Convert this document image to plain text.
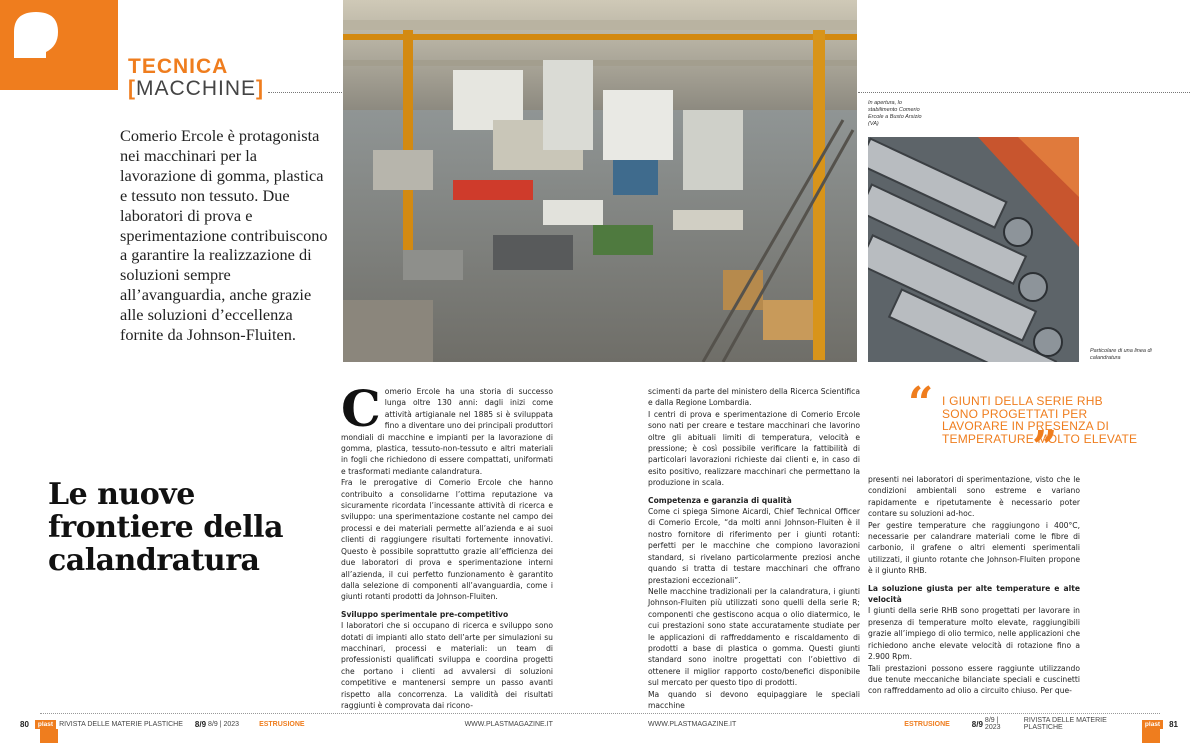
TECNICA
[MACCHINE]
Comerio Ercole è protagonista nei macchinari per la lavorazione di gomma, plastica e tessuto non tessuto. Due laboratori di prova e sperimentazione contribuiscono a garantire la realizzazione di soluzioni sempre all’avanguardia, anche grazie alle soluzioni d’eccellenza fornite da Johnson-Fluiten.
Le nuove frontiere della calandratura
In apertura, lo stabilimento Comerio Ercole a Busto Arsizio (VA)
Particolare di una linea di calandratura

Comerio Ercole ha una storia di successo lunga oltre 130 anni: dagli inizi come attività artigianale nel 1885 si è sviluppata fino a diventare uno dei principali produttori mondiali di macchine e impianti per la lavorazione di gomma, plastica, tessuto-non-tessuto e altri materiali in fogli che richiedono di essere compattati, uniformati e trasformati mediante calandratura.

Fra le prerogative di Comerio Ercole che hanno contribuito a consolidarne l’ottima reputazione va sicuramente ricordata l’incessante attività di ricerca e sviluppo: una sperimentazione costante nel campo dei processi e dei materiali permette all’azienda e ai suoi clienti di raggiungere risultati fortemente innovativi. Questo è possibile soprattutto grazie all’efficienza dei due laboratori di prova e sperimentazione interni all’azienda, il cui perfetto funzionamento è garantito dalla selezione di componenti all’avanguardia, come i giunti rotanti prodotti da Johnson-Fluiten.

Sviluppo sperimentale pre-competitivo

I laboratori che si occupano di ricerca e sviluppo sono dotati di impianti allo stato dell’arte per simulazioni su macchinari, processi e materiali: un team di professionisti qualificati sviluppa e coordina progetti che portano i clienti ad avvalersi di soluzioni competitive e mantenersi sempre un passo avanti rispetto alla concorrenza. La validità dei risultati raggiunti è comprovata dai ricono-

scimenti da parte del ministero della Ricerca Scientifica e dalla Regione Lombardia.

I centri di prova e sperimentazione di Comerio Ercole sono nati per creare e testare macchinari che lavorino oltre gli abituali limiti di temperatura, velocità e pressione; è così possibile verificare la fattibilità di particolari lavorazioni richieste dai clienti e, in caso di esito positivo, realizzare macchinari che permettano la produzione in scala.

Competenza e garanzia di qualità

Come ci spiega Simone Aicardi, Chief Technical Officer di Comerio Ercole, “da molti anni Johnson-Fluiten è il nostro fornitore di riferimento per i giunti rotanti: perfetti per le macchine che compiono lavorazioni standard, si rivelano particolarmente preziosi anche quando si tratta di testare macchinari che offrano prestazioni eccezionali”.

Nelle macchine tradizionali per la calandratura, i giunti Johnson-Fluiten più utilizzati sono quelli della serie R; componenti che gestiscono acqua o olio diatermico, le cui prestazioni sono state accuratamente studiate per le applicazioni di raffreddamento e riscaldamento di prodotti a base di plastica o gomma. Questi giunti standard sono inoltre progettati con l’obiettivo di ottenere il miglior rapporto costo/benefici disponibile sul mercato per questo tipo di prodotti.

Ma quando si devono equipaggiare le speciali macchine

“ I GIUNTI DELLA SERIE RHB SONO PROGETTATI PER LAVORARE IN PRESENZA DI TEMPERATURE MOLTO ELEVATE
”

presenti nei laboratori di sperimentazione, visto che le condizioni ambientali sono estreme e variano rapidamente e ripetutamente è necessario poter contare su soluzioni ad-hoc.

Per gestire temperature che raggiungono i 400°C, necessarie per calandrare materiali come le fibre di carbonio, il grafene o altri elementi sperimentali utilizzati, il giunto rotante che Johnson-Fluiten propone è il giunto RHB.

La soluzione giusta per alte temperature e alte velocità

I giunti della serie RHB sono progettati per lavorare in presenza di temperature molto elevate, raggiungibili grazie all’impiego di olio termico, nelle applicazioni che richiedono anche elevate velocità di rotazione fino a 2.900 Rpm.

Tali prestazioni possono essere raggiunte utilizzando due tenute meccaniche bilanciate speciali e cuscinetti con raffreddamento ad olio a circuito chiuso. Per que-

80	plast RIVISTA DELLE MATERIE PLASTICHE 8/9 8/9 | 2023	ESTRUSIONE	WWW.PLASTMAGAZINE.IT	WWW.PLASTMAGAZINE.IT	ESTRUSIONE	8/9 8/9 | 2023
RIVISTA DELLE MATERIE PLASTICHE	plast	81
